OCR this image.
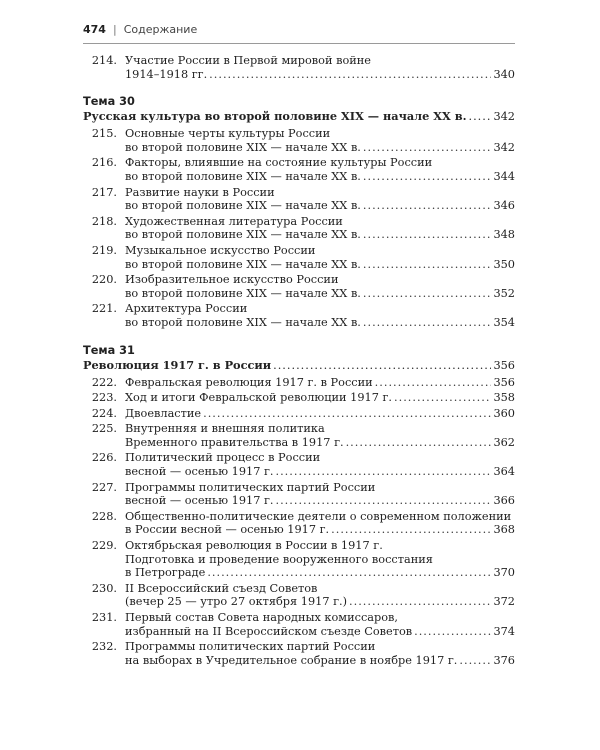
474 | Содержание
214. Участие России в Первой мировой войне
1914–1918 гг. .....	340
Тема 30
Русская культура во второй половине XIX — начале XX в. ..... 342
215. Основные черты культуры России
во второй половине XIX — начале XX в. .....	342
216. Факторы, влиявшие на состояние культуры России
во второй половине XIX — начале XX в. .....	344
217. Развитие науки в России
во второй половине XIX — начале XX в. .....	346
218. Художественная литература России
во второй половине XIX — начале XX в. .....	348
219. Музыкальное искусство России
во второй половине XIX — начале XX в. .....	350
220. Изобразительное искусство России
во второй половине XIX — начале XX в. .....	352
221. Архитектура России
во второй половине XIX — начале XX в. .....	354
Тема 31
Революция 1917 г. в России .....	356
222. Февральская революция 1917 г. в России .....	356
223. Ход и итоги Февральской революции 1917 г. .....	358
224. Двоевластие .....	360
225. Внутренняя и внешняя политика
Временного правительства в 1917 г. .....	362
226. Политический процесс в России
весной — осенью 1917 г. .....	364
227. Программы политических партий России
весной — осенью 1917 г. .....	366
228. Общественно-политические деятели о современном положении
в России весной — осенью 1917 г. .....	368
229. Октябрьская революция в России в 1917 г.
Подготовка и проведение вооруженного восстания
в Петрограде .....	370
230. II Всероссийский съезд Советов
(вечер 25 — утро 27 октября 1917 г.) .....	372
231. Первый состав Совета народных комиссаров,
избранный на II Всероссийском съезде Советов .....	374
232. Программы политических партий России
на выборах в Учредительное собрание в ноябре 1917 г. .....	376
